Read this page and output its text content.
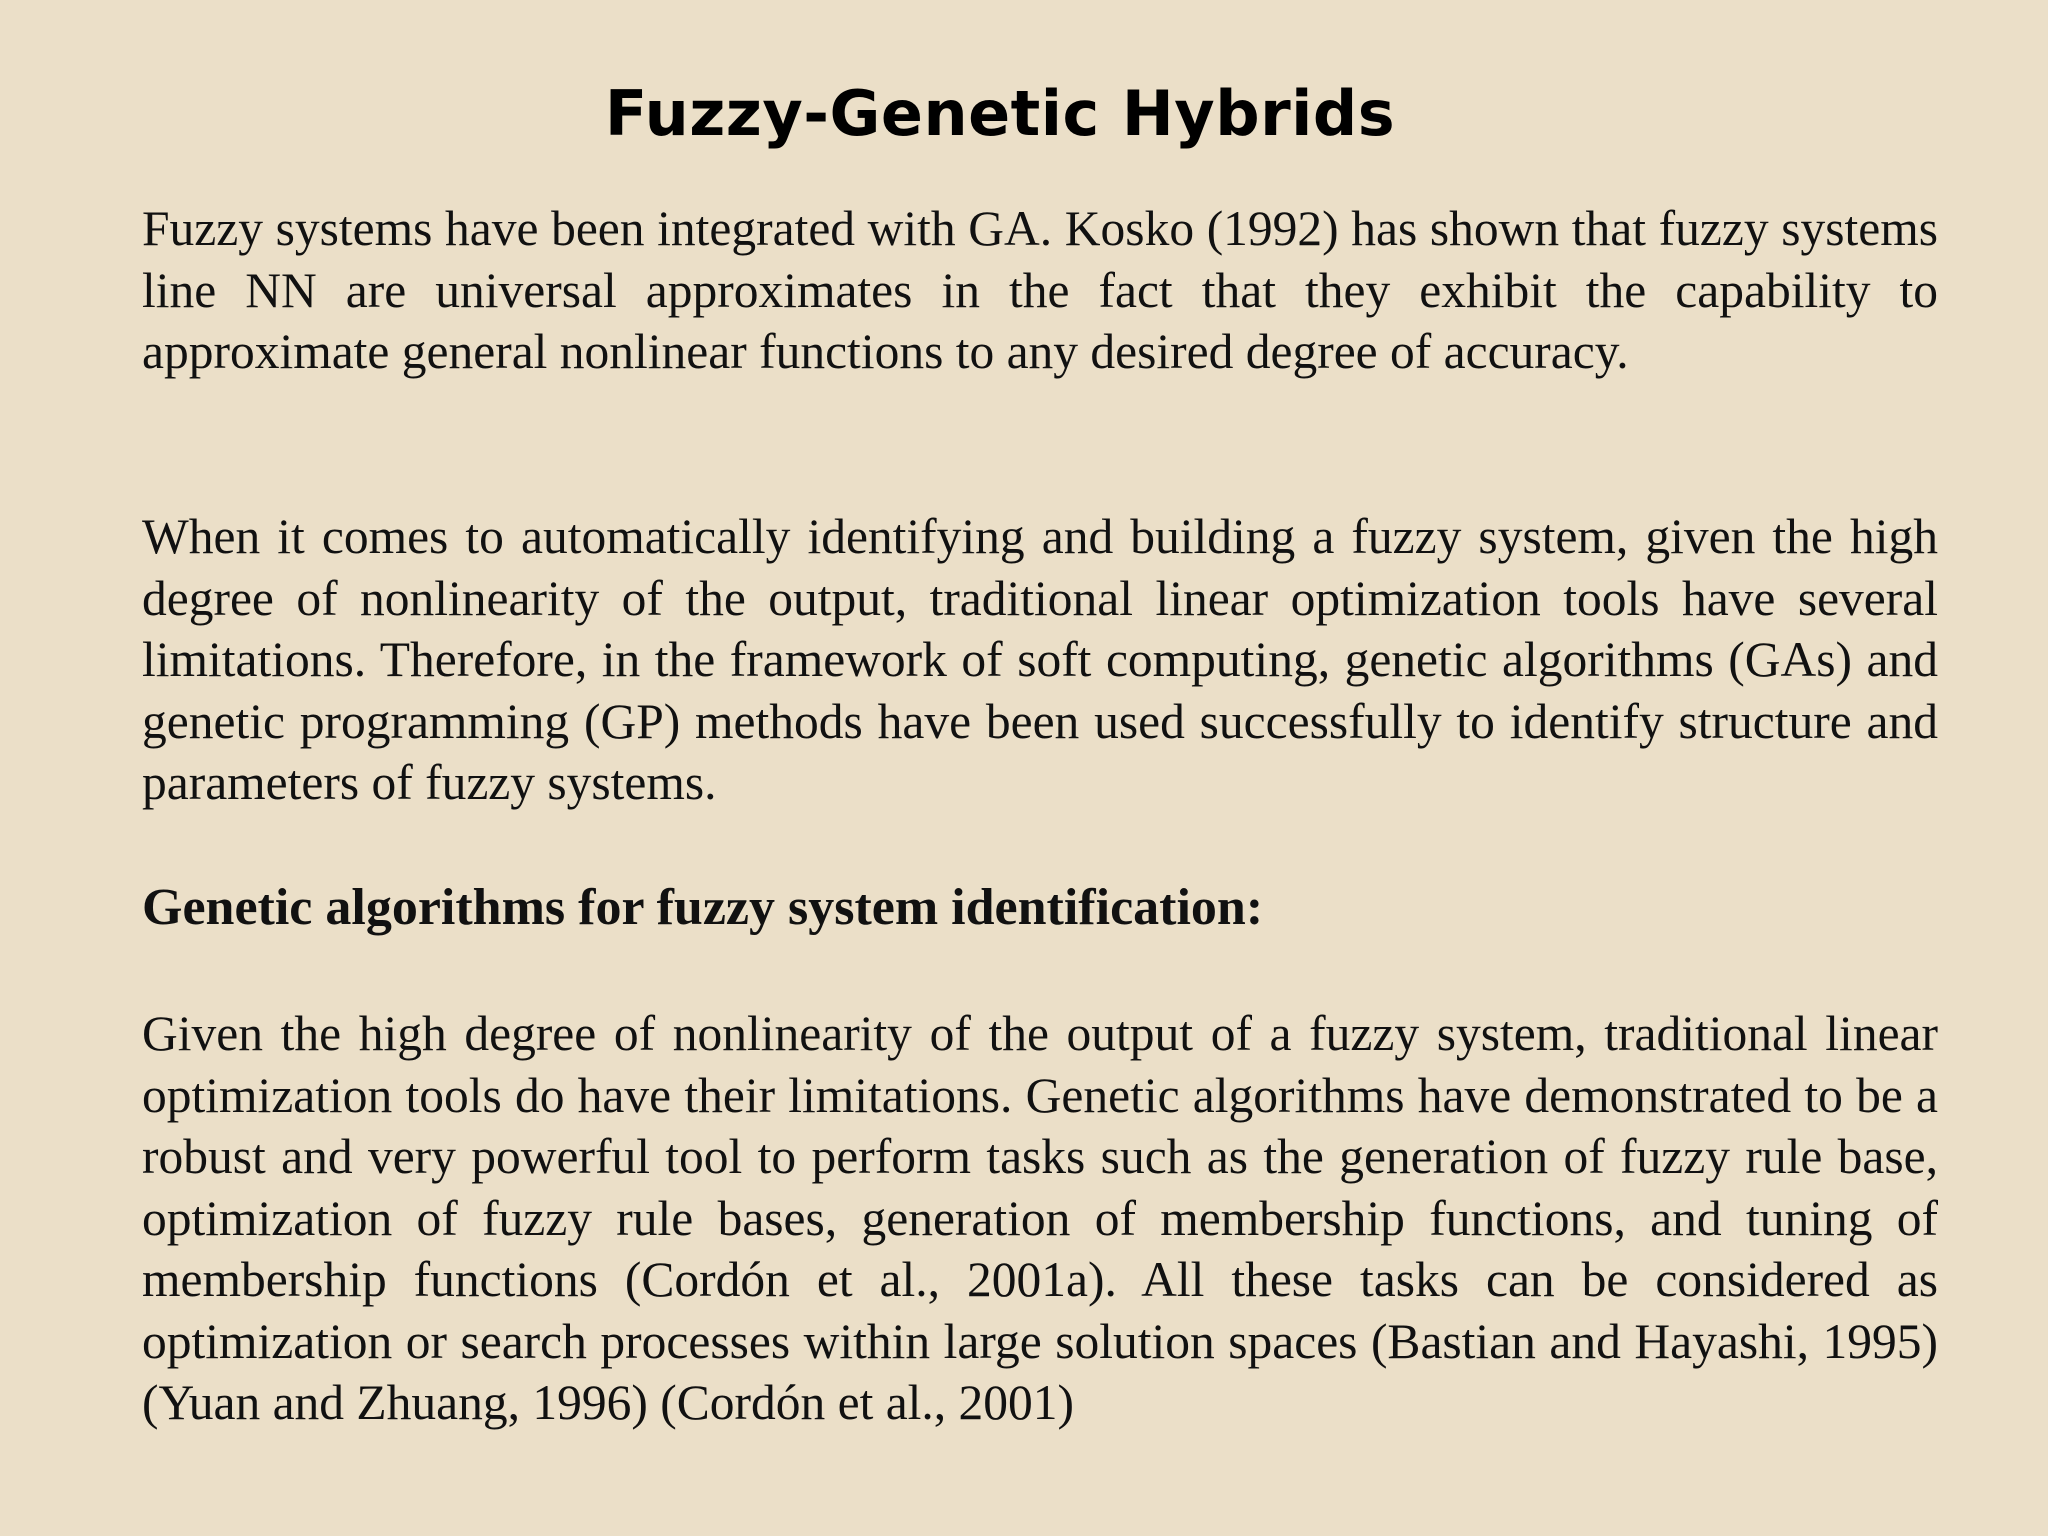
Fuzzy-Genetic Hybrids

Fuzzy systems have been integrated with GA. Kosko (1992) has shown that fuzzy systems line NN are universal approximates in the fact that they exhibit the capability to approximate general nonlinear functions to any desired degree of accuracy.

When it comes to automatically identifying and building a fuzzy system, given the high degree of nonlinearity of the output, traditional linear optimization tools have several limitations. Therefore, in the framework of soft computing, genetic algorithms (GAs) and genetic programming (GP) methods have been used successfully to identify structure and parameters of fuzzy systems.

Genetic algorithms for fuzzy system identification:

Given the high degree of nonlinearity of the output of a fuzzy system, traditional linear optimization tools do have their limitations. Genetic algorithms have demonstrated to be a robust and very powerful tool to perform tasks such as the generation of fuzzy rule base, optimization of fuzzy rule bases, generation of membership functions, and tuning of membership functions (Cordón et al., 2001a). All these tasks can be considered as optimization or search processes within large solution spaces (Bastian and Hayashi, 1995) (Yuan and Zhuang, 1996) (Cordón et al., 2001)
